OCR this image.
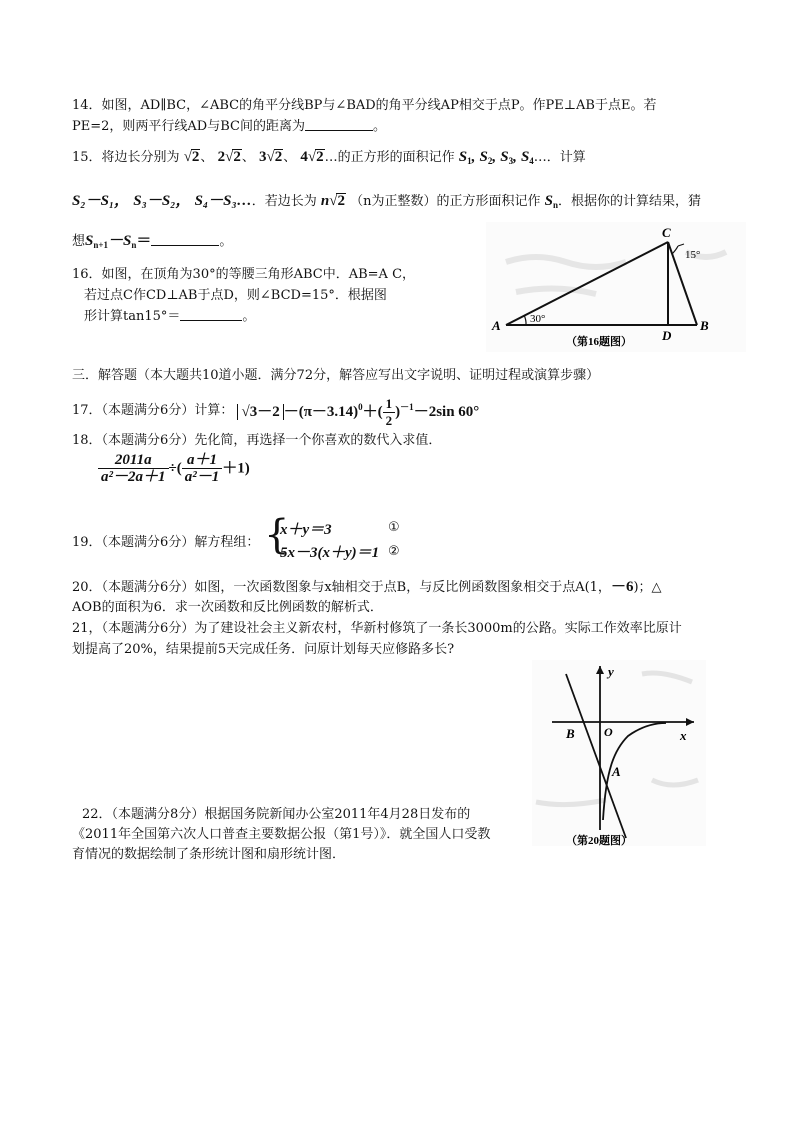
14．如图，AD∥BC，∠ABC的角平分线BP与∠BAD的角平分线AP相交于点P。作PE⊥AB于点E。若
PE=2，则两平行线AD与BC间的距离为	。
15．将边长分别为 √2、 2√2、 3√2、 4√2…的正方形的面积记作 $S_1$, $S_2$, $S_3$, $S_4\dots$．计算
S₂－S₁， S₃－S₂， S₄－S₃…．若边长为 n√2 （n为正整数）的正方形面积记作 $S_n$．根据你的计算结果，猜
想$S_{n+1}-S_n=$	。
16．如图，在顶角为30°的等腰三角形ABC中．AB=A C，
若过点C作CD⊥AB于点D，则∠BCD=15°．根据图
形计算tan15°＝	。
A	B
C
D
30°
15°
（第16题图）
三．解答题（本大题共10道小题．满分72分，解答应写出文字说明、证明过程或演算步骤）
17．（本题满分6分）计算： $√3-2 -(\pi-3.14)^0+( \frac{1}{2} )^{-1}-2\sin$ 60°
18．（本题满分6分）先化简，再选择一个你喜欢的数代入求值．
$\frac{2011a}{\text{a²－2a＋1}}$ ÷( $\frac{a+1}{\text{a²－1}} +1$)
19．（本题满分6分）解方程组： {
x＋y＝3
5x－3(x＋y)＝1
①
②
20．（本题满分6分）如图，一次函数图象与x轴相交于点B，与反比例函数图象相交于点A(1，－6)；△
AOB的面积为6．求一次函数和反比例函数的解析式．
21，（本题满分6分）为了建设社会主义新农村，华新村修筑了一条长3000m的公路。实际工作效率比原计
划提高了20%，结果提前5天完成任务．问原计划每天应修路多长?
y
x
O
B
A
（第20题图）
22．（本题满分8分）根据国务院新闻办公室2011年4月28日发布的
《2011年全国第六次人口普查主要数据公报（第1号）》．就全国人口受教
育情况的数据绘制了条形统计图和扇形统计图．
